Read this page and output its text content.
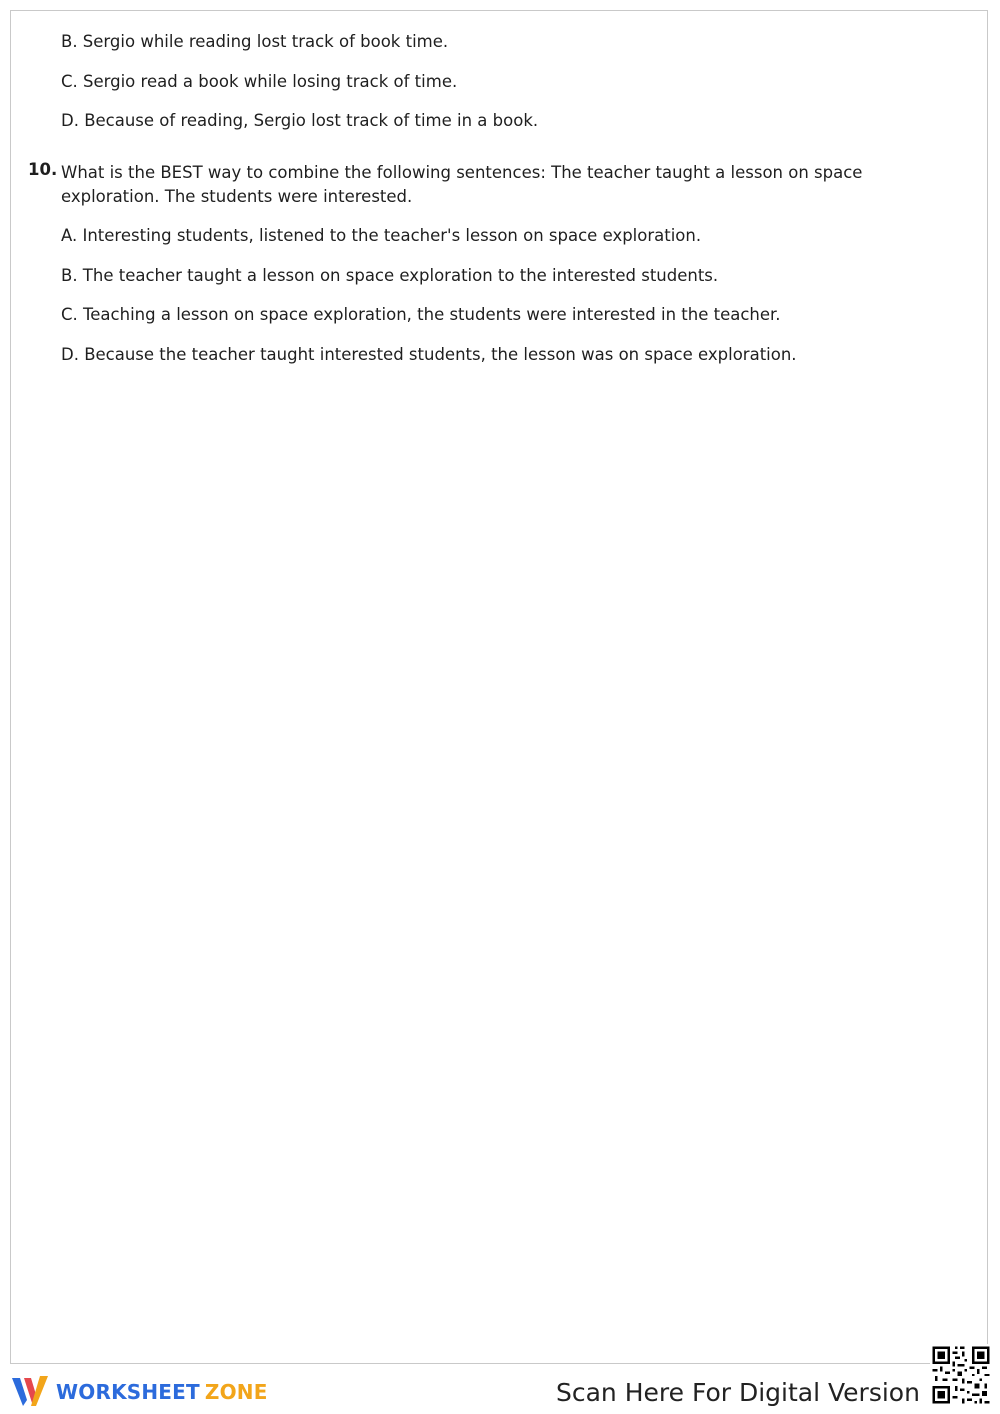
B. Sergio while reading lost track of book time.
C. Sergio read a book while losing track of time.
D. Because of reading, Sergio lost track of time in a book.
10. What is the BEST way to combine the following sentences: The teacher taught a lesson on space exploration. The students were interested.
A. Interesting students, listened to the teacher's lesson on space exploration.
B. The teacher taught a lesson on space exploration to the interested students.
C. Teaching a lesson on space exploration, the students were interested in the teacher.
D. Because the teacher taught interested students, the lesson was on space exploration.
WORKSHEET ZONE	Scan Here For Digital Version
